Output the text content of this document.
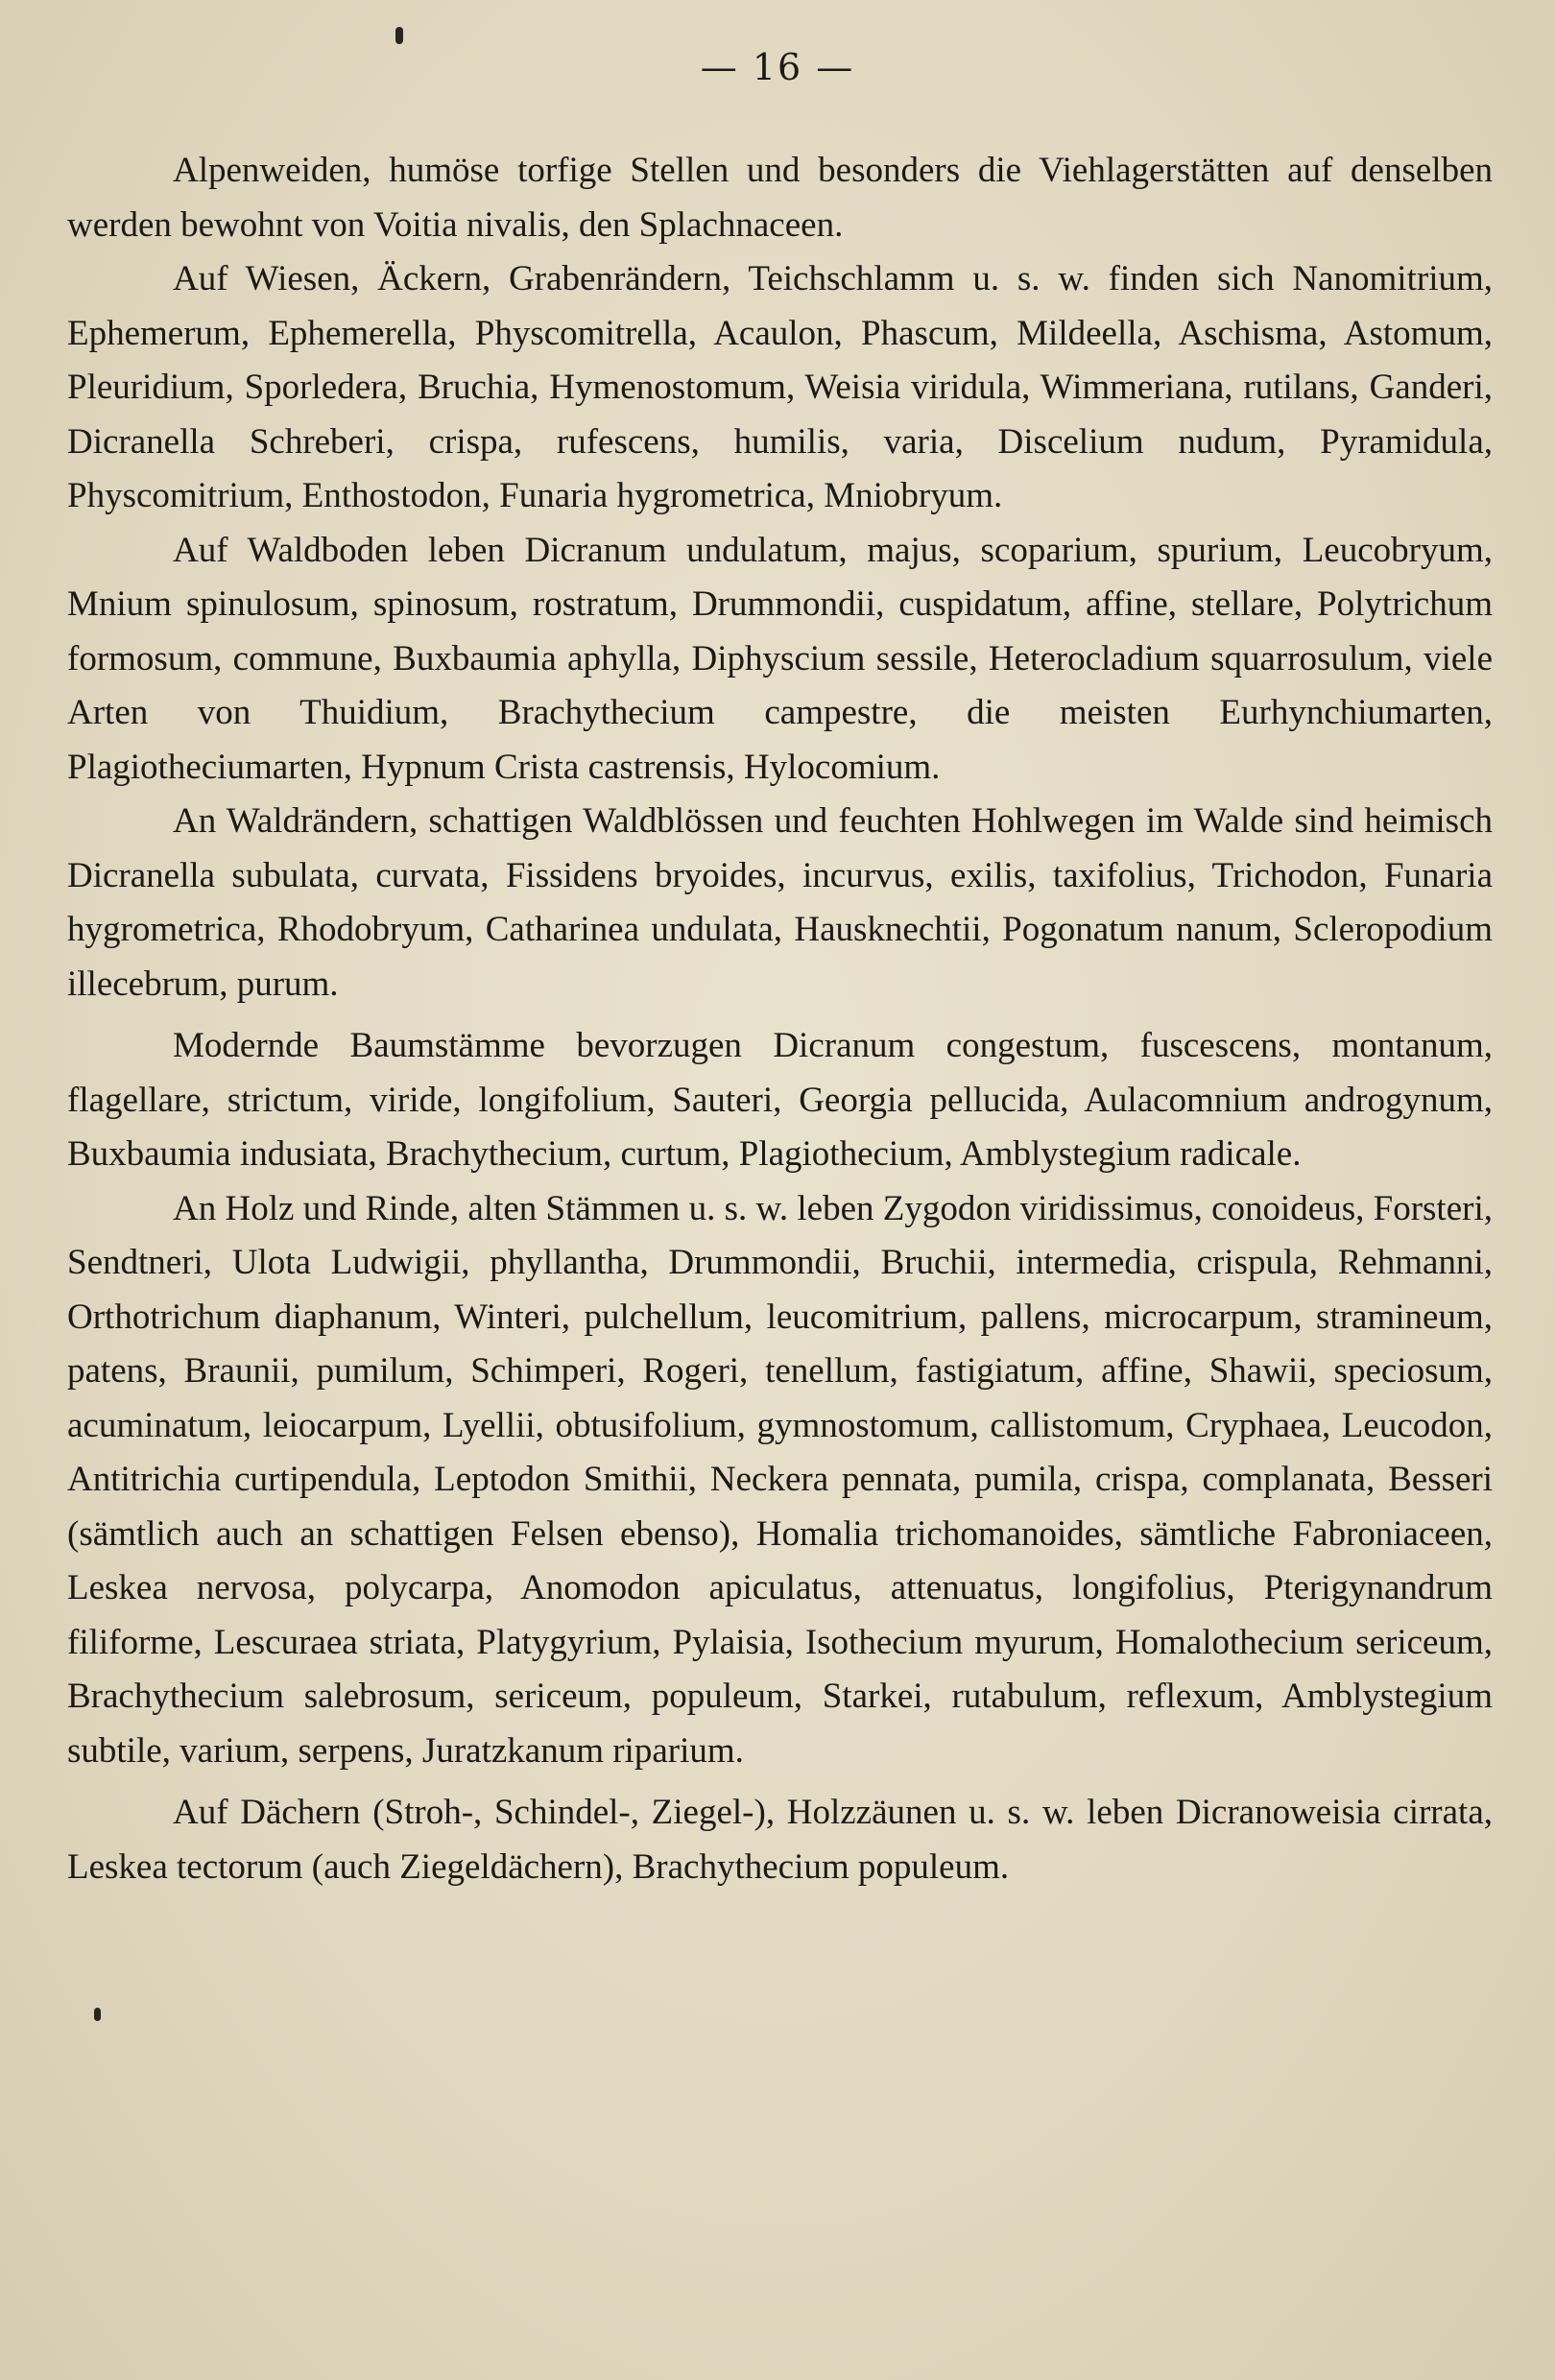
— 16 —

Alpenweiden, humöse torfige Stellen und besonders die Viehlagerstätten auf denselben werden bewohnt von Voitia nivalis, den Splachnaceen.

Auf Wiesen, Äckern, Grabenrändern, Teichschlamm u. s. w. finden sich Nanomitrium, Ephemerum, Ephemerella, Physcomitrella, Acaulon, Phascum, Mildeella, Aschisma, Astomum, Pleuridium, Sporledera, Bruchia, Hymenostomum, Weisia viridula, Wimmeriana, rutilans, Ganderi, Dicranella Schreberi, crispa, rufescens, humilis, varia, Discelium nudum, Pyramidula, Physcomitrium, Enthostodon, Funaria hygrometrica, Mniobryum.

Auf Waldboden leben Dicranum undulatum, majus, scoparium, spurium, Leucobryum, Mnium spinulosum, spinosum, rostratum, Drummondii, cuspidatum, affine, stellare, Polytrichum formosum, commune, Buxbaumia aphylla, Diphyscium sessile, Heterocladium squarrosulum, viele Arten von Thuidium, Brachythecium campestre, die meisten Eurhynchiumarten, Plagiotheciumarten, Hypnum Crista castrensis, Hylocomium.

An Waldrändern, schattigen Waldblössen und feuchten Hohlwegen im Walde sind heimisch Dicranella subulata, curvata, Fissidens bryoides, incurvus, exilis, taxifolius, Trichodon, Funaria hygrometrica, Rhodobryum, Catharinea undulata, Hausknechtii, Pogonatum nanum, Scleropodium illecebrum, purum.

Modernde Baumstämme bevorzugen Dicranum congestum, fuscescens, montanum, flagellare, strictum, viride, longifolium, Sauteri, Georgia pellucida, Aulacomnium androgynum, Buxbaumia indusiata, Brachythecium, curtum, Plagiothecium, Amblystegium radicale.

An Holz und Rinde, alten Stämmen u. s. w. leben Zygodon viridissimus, conoideus, Forsteri, Sendtneri, Ulota Ludwigii, phyllantha, Drummondii, Bruchii, intermedia, crispula, Rehmanni, Orthotrichum diaphanum, Winteri, pulchellum, leucomitrium, pallens, microcarpum, stramineum, patens, Braunii, pumilum, Schimperi, Rogeri, tenellum, fastigiatum, affine, Shawii, speciosum, acuminatum, leiocarpum, Lyellii, obtusifolium, gymnostomum, callistomum, Cryphaea, Leucodon, Antitrichia curtipendula, Leptodon Smithii, Neckera pennata, pumila, crispa, complanata, Besseri (sämtlich auch an schattigen Felsen ebenso), Homalia trichomanoides, sämtliche Fabroniaceen, Leskea nervosa, polycarpa, Anomodon apiculatus, attenuatus, longifolius, Pterigynandrum filiforme, Lescuraea striata, Platygyrium, Pylaisia, Isothecium myurum, Homalothecium sericeum, Brachythecium salebrosum, sericeum, populeum, Starkei, rutabulum, reflexum, Amblystegium subtile, varium, serpens, Juratzkanum riparium.

Auf Dächern (Stroh-, Schindel-, Ziegel-), Holzzäunen u. s. w. leben Dicranoweisia cirrata, Leskea tectorum (auch Ziegeldächern), Brachythecium populeum.
